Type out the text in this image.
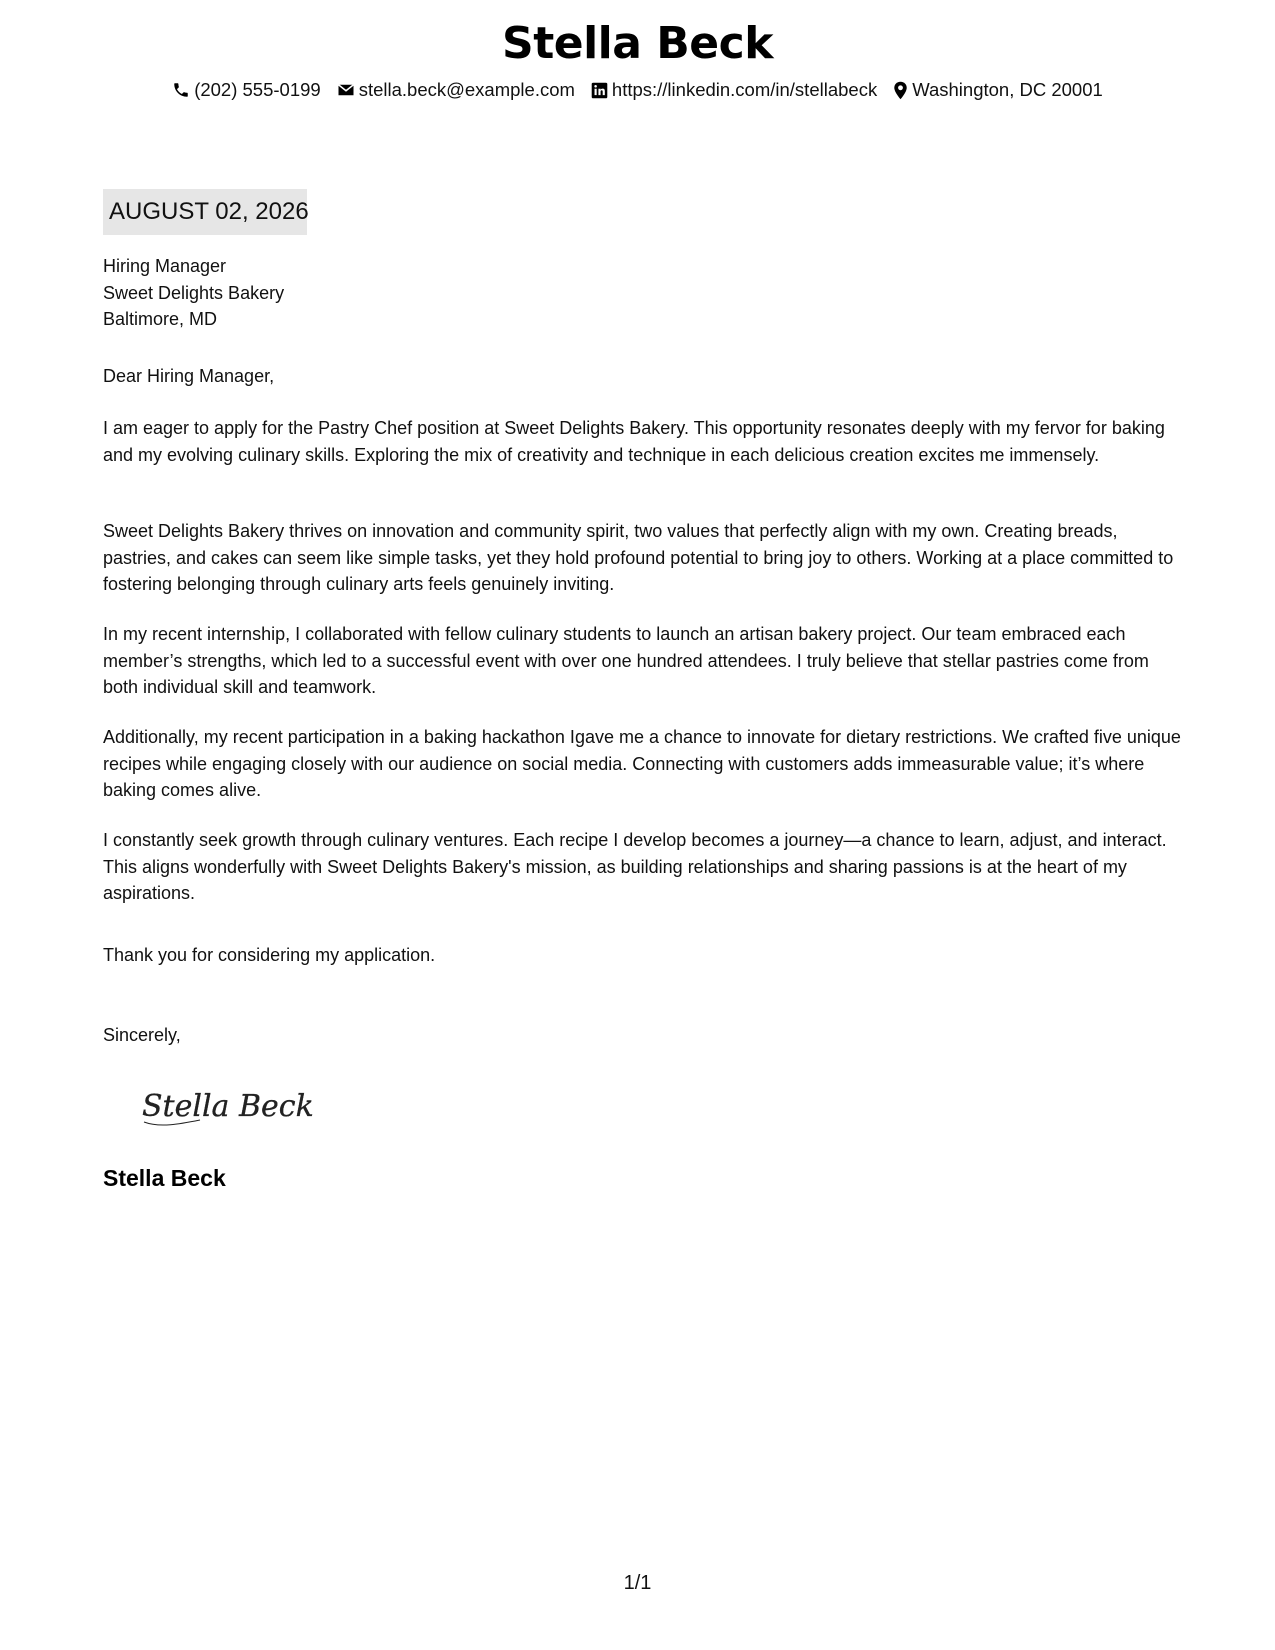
Stella Beck
(202) 555-0199 stella.beck@example.com https://linkedin.com/in/stellabeck Washington, DC 20001
AUGUST 02, 2026
Hiring Manager
Sweet Delights Bakery
Baltimore, MD
Dear Hiring Manager,
I am eager to apply for the Pastry Chef position at Sweet Delights Bakery. This opportunity resonates deeply with my fervor for baking and my evolving culinary skills. Exploring the mix of creativity and technique in each delicious creation excites me immensely.
Sweet Delights Bakery thrives on innovation and community spirit, two values that perfectly align with my own. Creating breads, pastries, and cakes can seem like simple tasks, yet they hold profound potential to bring joy to others. Working at a place committed to fostering belonging through culinary arts feels genuinely inviting.
In my recent internship, I collaborated with fellow culinary students to launch an artisan bakery project. Our team embraced each member’s strengths, which led to a successful event with over one hundred attendees. I truly believe that stellar pastries come from both individual skill and teamwork.
Additionally, my recent participation in a baking hackathon Igave me a chance to innovate for dietary restrictions. We crafted five unique recipes while engaging closely with our audience on social media. Connecting with customers adds immeasurable value; it’s where baking comes alive.
I constantly seek growth through culinary ventures. Each recipe I develop becomes a journey—a chance to learn, adjust, and interact. This aligns wonderfully with Sweet Delights Bakery's mission, as building relationships and sharing passions is at the heart of my aspirations.
Thank you for considering my application.
Sincerely,
Stella Beck
Stella Beck
1/1
